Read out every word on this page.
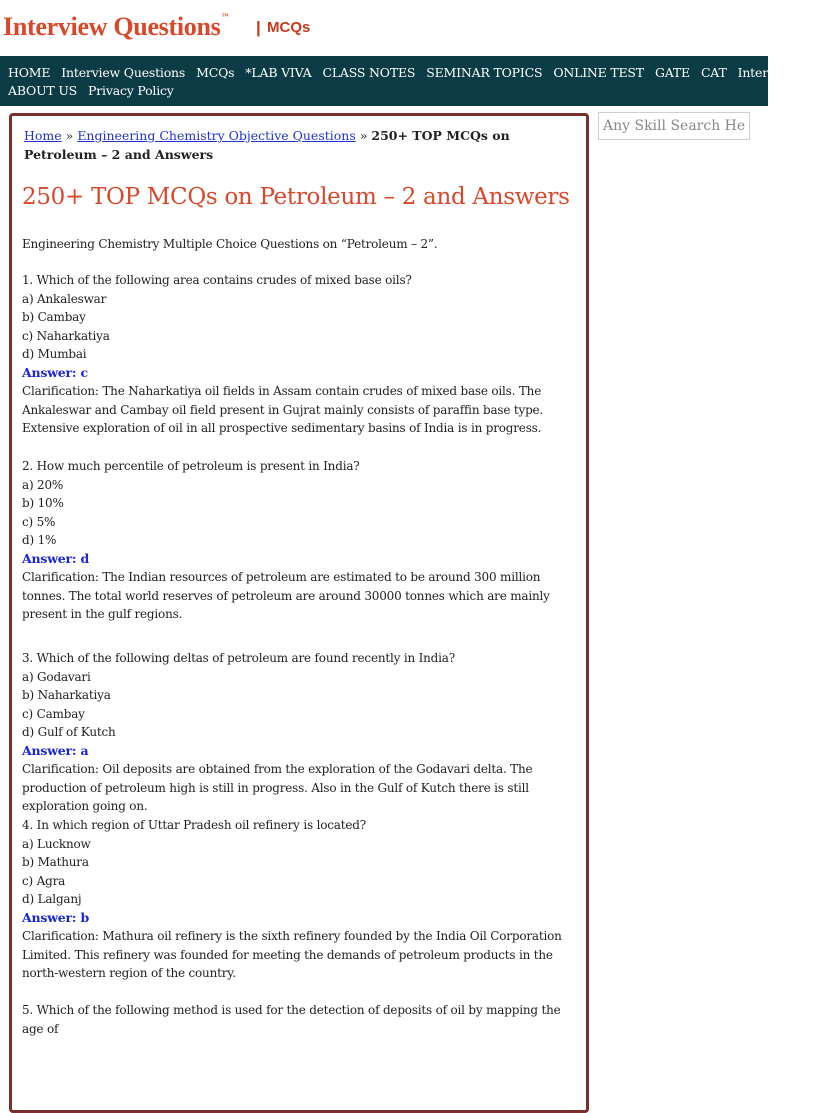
Interview Questions™
| MCQs
HOME Interview Questions MCQs *LAB VIVA CLASS NOTES SEMINAR TOPICS ONLINE TEST GATE CAT Internship
ABOUT US Privacy Policy
Any Skill Search Here
Home » Engineering Chemistry Objective Questions » 250+ TOP MCQs on Petroleum – 2 and Answers
250+ TOP MCQs on Petroleum – 2 and Answers
Engineering Chemistry Multiple Choice Questions on “Petroleum – 2”.
1. Which of the following area contains crudes of mixed base oils?
a) Ankaleswar
b) Cambay
c) Naharkatiya
d) Mumbai
Answer: c
Clarification: The Naharkatiya oil fields in Assam contain crudes of mixed base oils. The Ankaleswar and Cambay oil field present in Gujrat mainly consists of paraffin base type. Extensive exploration of oil in all prospective sedimentary basins of India is in progress.
2. How much percentile of petroleum is present in India?
a) 20%
b) 10%
c) 5%
d) 1%
Answer: d
Clarification: The Indian resources of petroleum are estimated to be around 300 million tonnes. The total world reserves of petroleum are around 30000 tonnes which are mainly present in the gulf regions.
3. Which of the following deltas of petroleum are found recently in India?
a) Godavari
b) Naharkatiya
c) Cambay
d) Gulf of Kutch
Answer: a
Clarification: Oil deposits are obtained from the exploration of the Godavari delta. The production of petroleum high is still in progress. Also in the Gulf of Kutch there is still exploration going on.
4. In which region of Uttar Pradesh oil refinery is located?
a) Lucknow
b) Mathura
c) Agra
d) Lalganj
Answer: b
Clarification: Mathura oil refinery is the sixth refinery founded by the India Oil Corporation Limited. This refinery was founded for meeting the demands of petroleum products in the north-western region of the country.
5. Which of the following method is used for the detection of deposits of oil by mapping the age of
